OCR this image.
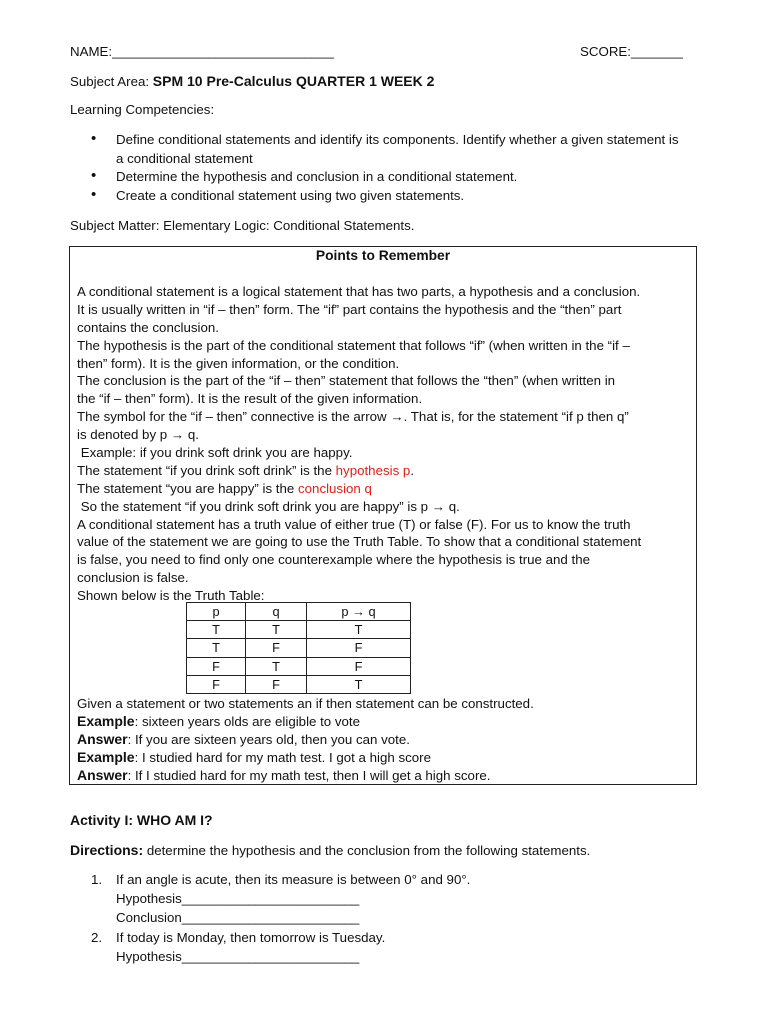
NAME:______________________________	SCORE:_______
Subject Area: SPM 10 Pre-Calculus QUARTER 1 WEEK 2
Learning Competencies:
• Define conditional statements and identify its components. Identify whether a given statement is a conditional statement
• Determine the hypothesis and conclusion in a conditional statement.
• Create a conditional statement using two given statements.
Subject Matter: Elementary Logic: Conditional Statements.
Points to Remember
A conditional statement is a logical statement that has two parts, a hypothesis and a conclusion.
It is usually written in “if – then” form. The “if” part contains the hypothesis and the “then” part
contains the conclusion.
The hypothesis is the part of the conditional statement that follows “if” (when written in the “if –
then” form). It is the given information, or the condition.
The conclusion is the part of the “if – then” statement that follows the “then” (when written in
the “if – then” form). It is the result of the given information.
The symbol for the “if – then” connective is the arrow →. That is, for the statement “if p then q”
is denoted by p → q.
Example: if you drink soft drink you are happy.
The statement “if you drink soft drink” is the hypothesis p.
The statement “you are happy” is the conclusion q
So the statement “if you drink soft drink you are happy” is p → q.
A conditional statement has a truth value of either true (T) or false (F). For us to know the truth
value of the statement we are going to use the Truth Table. To show that a conditional statement
is false, you need to find only one counterexample where the hypothesis is true and the
conclusion is false.
Shown below is the Truth Table:
p	q	p → q
T	T	T
T	F	F
F	T	F
F	F	T
Given a statement or two statements an if then statement can be constructed.
Example: sixteen years olds are eligible to vote
Answer: If you are sixteen years old, then you can vote.
Example: I studied hard for my math test. I got a high score
Answer: If I studied hard for my math test, then I will get a high score.
Activity I: WHO AM I?
Directions: determine the hypothesis and the conclusion from the following statements.
1. If an angle is acute, then its measure is between 0° and 90°.
Hypothesis________________________
Conclusion________________________
2. If today is Monday, then tomorrow is Tuesday.
Hypothesis________________________
